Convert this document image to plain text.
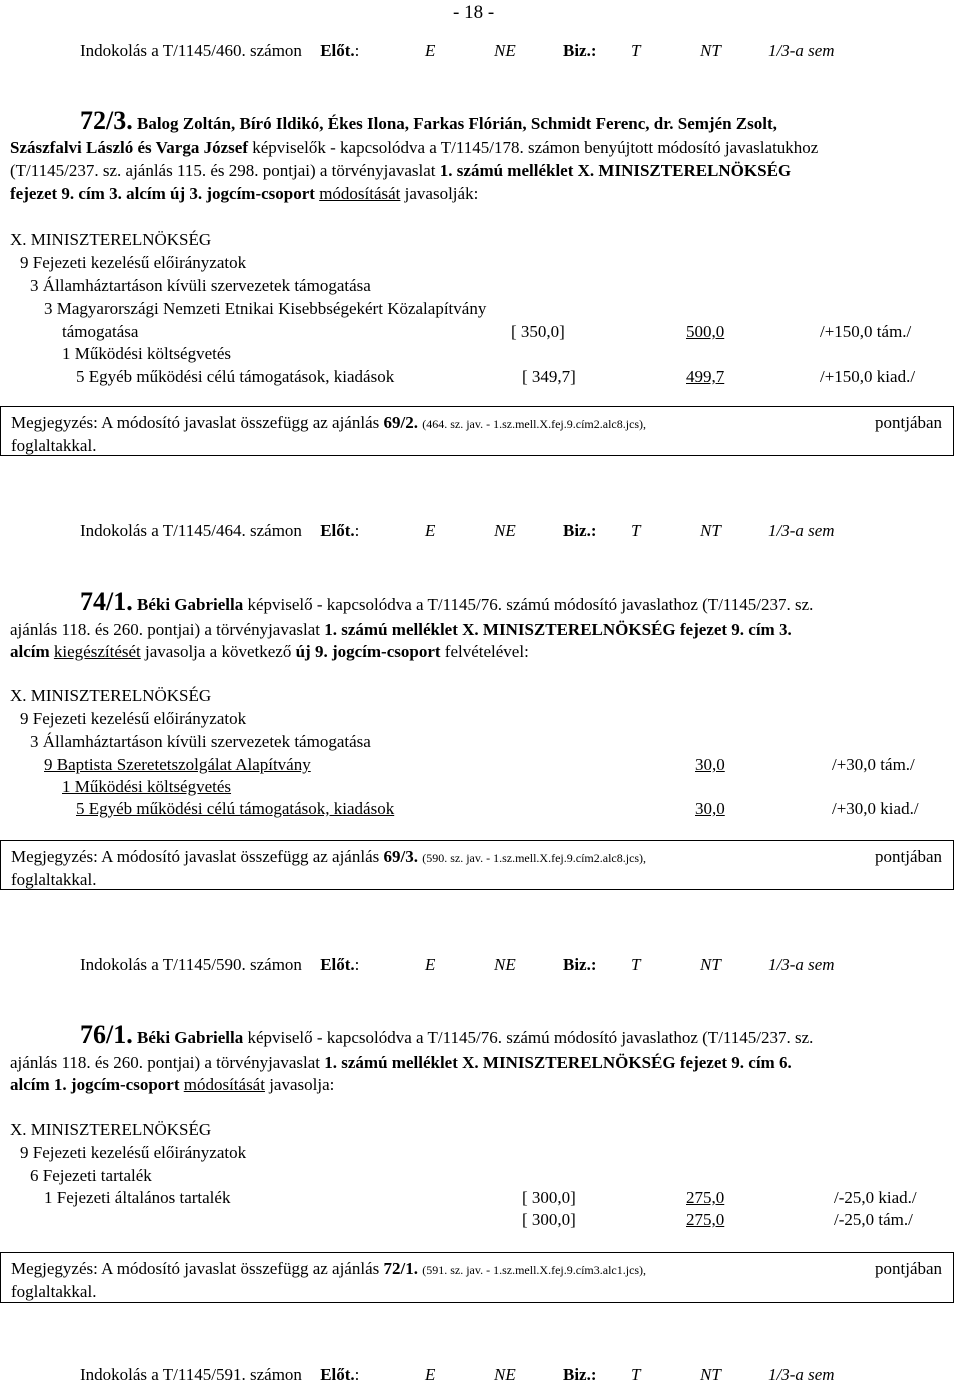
- 18 -
Indokolás a T/1145/460. számon Előt.:	E	NE	Biz.: T	NT	1/3-a sem
72/3. Balog Zoltán, Bíró Ildikó, Ékes Ilona, Farkas Flórián, Schmidt Ferenc, dr. Semjén Zsolt,
Szászfalvi László és Varga József képviselők - kapcsolódva a T/1145/178. számon benyújtott módosító javaslatukhoz
(T/1145/237. sz. ajánlás 115. és 298. pontjai) a törvényjavaslat 1. számú melléklet X. MINISZTERELNÖKSÉG
fejezet 9. cím 3. alcím új 3. jogcím-csoport módosítását javasolják:
X. MINISZTERELNÖKSÉG
9 Fejezeti kezelésű előirányzatok
3 Államháztartáson kívüli szervezetek támogatása
3 Magyarországi Nemzeti Etnikai Kisebbségekért Közalapítvány
támogatása	[ 350,0]	500,0	/+150,0 tám./
1 Működési költségvetés
5 Egyéb működési célú támogatások, kiadások	[ 349,7]	499,7	/+150,0 kiad./
Megjegyzés: A módosító javaslat összefügg az ajánlás 69/2. (464. sz. jav. - 1.sz.mell.X.fej.9.cím2.alc8.jcs),	pontjában
foglaltakkal.
Indokolás a T/1145/464. számon Előt.:	E	NE	Biz.: T	NT	1/3-a sem
74/1. Béki Gabriella képviselő - kapcsolódva a T/1145/76. számú módosító javaslathoz (T/1145/237. sz.
ajánlás 118. és 260. pontjai) a törvényjavaslat 1. számú melléklet X. MINISZTERELNÖKSÉG fejezet 9. cím 3.
alcím kiegészítését javasolja a következő új 9. jogcím-csoport felvételével:
X. MINISZTERELNÖKSÉG
9 Fejezeti kezelésű előirányzatok
3 Államháztartáson kívüli szervezetek támogatása
9 Baptista Szeretetszolgálat Alapítvány	30,0	/+30,0 tám./
1 Működési költségvetés
5 Egyéb működési célú támogatások, kiadások	30,0	/+30,0 kiad./
Megjegyzés: A módosító javaslat összefügg az ajánlás 69/3. (590. sz. jav. - 1.sz.mell.X.fej.9.cím2.alc8.jcs),	pontjában
foglaltakkal.
Indokolás a T/1145/590. számon Előt.:	E	NE	Biz.: T	NT	1/3-a sem
76/1. Béki Gabriella képviselő - kapcsolódva a T/1145/76. számú módosító javaslathoz (T/1145/237. sz.
ajánlás 118. és 260. pontjai) a törvényjavaslat 1. számú melléklet X. MINISZTERELNÖKSÉG fejezet 9. cím 6.
alcím 1. jogcím-csoport módosítását javasolja:
X. MINISZTERELNÖKSÉG
9 Fejezeti kezelésű előirányzatok
6 Fejezeti tartalék
1 Fejezeti általános tartalék	[ 300,0]	275,0	/-25,0 kiad./
[ 300,0]	275,0	/-25,0 tám./
Megjegyzés: A módosító javaslat összefügg az ajánlás 72/1. (591. sz. jav. - 1.sz.mell.X.fej.9.cím3.alc1.jcs),	pontjában
foglaltakkal.
Indokolás a T/1145/591. számon Előt.:	E	NE	Biz.: T	NT	1/3-a sem
